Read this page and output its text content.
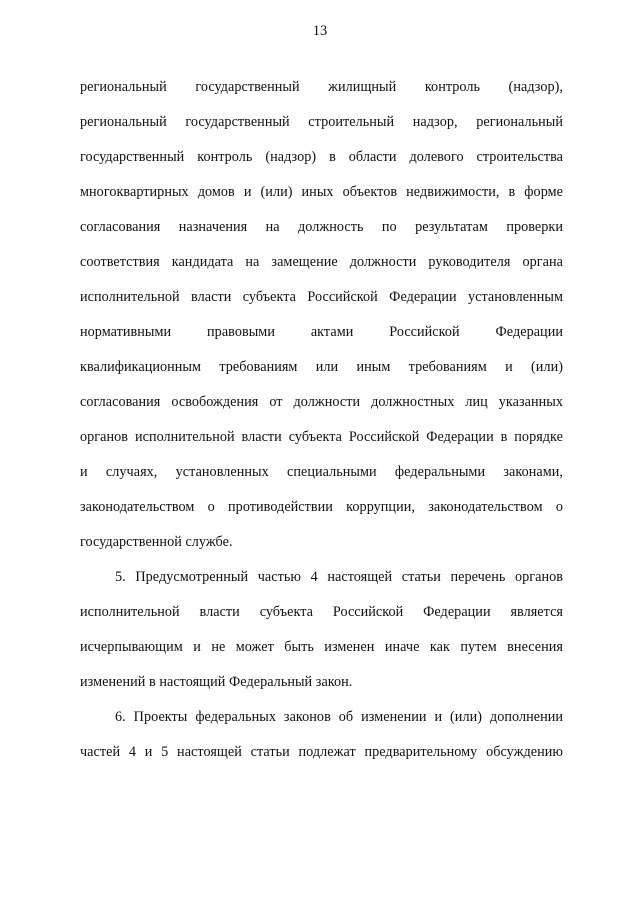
13
региональный государственный жилищный контроль (надзор),
региональный государственный строительный надзор, региональный
государственный контроль (надзор) в области долевого строительства
многоквартирных домов и (или) иных объектов недвижимости, в форме
согласования назначения на должность по результатам проверки
соответствия кандидата на замещение должности руководителя органа
исполнительной власти субъекта Российской Федерации установленным
нормативными правовыми актами Российской Федерации
квалификационным требованиям или иным требованиям и (или)
согласования освобождения от должности должностных лиц указанных
органов исполнительной власти субъекта Российской Федерации в порядке
и случаях, установленных специальными федеральными законами,
законодательством о противодействии коррупции, законодательством о
государственной службе.
5. Предусмотренный частью 4 настоящей статьи перечень органов
исполнительной власти субъекта Российской Федерации является
исчерпывающим и не может быть изменен иначе как путем внесения
изменений в настоящий Федеральный закон.
6. Проекты федеральных законов об изменении и (или) дополнении
частей 4 и 5 настоящей статьи подлежат предварительному обсуждению
